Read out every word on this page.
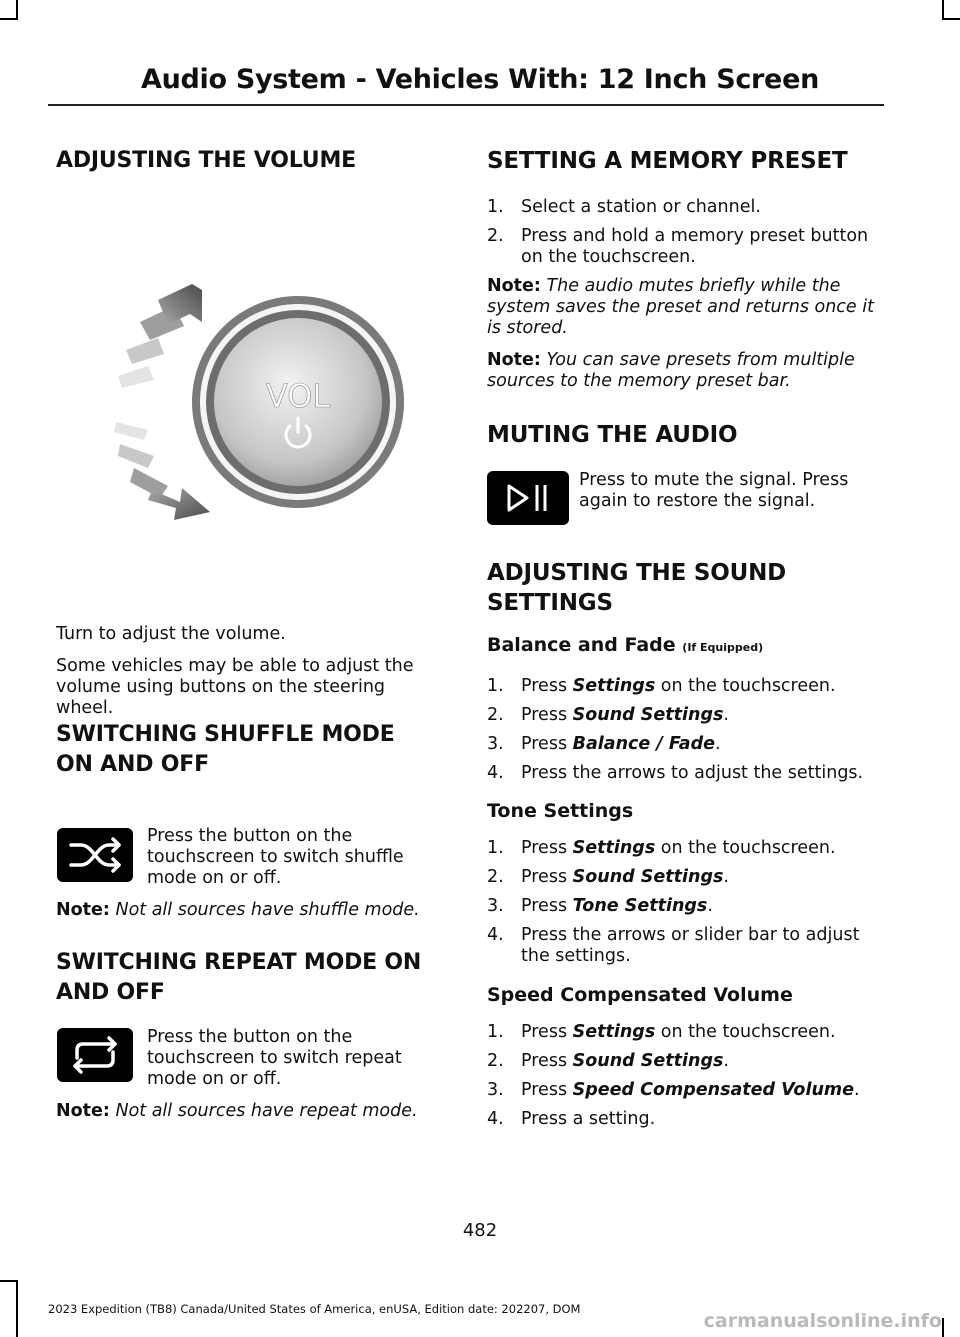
Audio System - Vehicles With: 12 Inch Screen
ADJUSTING THE VOLUME
VOL
Turn to adjust the volume.
Some vehicles may be able to adjust the
volume using buttons on the steering
wheel.
SWITCHING SHUFFLE MODE
ON AND OFF
Press the button on the
touchscreen to switch shuffle
mode on or off.
Note: Not all sources have shuffle mode.
SWITCHING REPEAT MODE ON
AND OFF
Press the button on the
touchscreen to switch repeat
mode on or off.
Note: Not all sources have repeat mode.
SETTING A MEMORY PRESET
1. Select a station or channel.
2. Press and hold a memory preset button
on the touchscreen.
Note: The audio mutes briefly while the
system saves the preset and returns once it
is stored.
Note: You can save presets from multiple
sources to the memory preset bar.
MUTING THE AUDIO
Press to mute the signal. Press
again to restore the signal.
ADJUSTING THE SOUND
SETTINGS
Balance and Fade (If Equipped)
1. Press Settings on the touchscreen.
2. Press Sound Settings.
3. Press Balance / Fade.
4. Press the arrows to adjust the settings.
Tone Settings
1. Press Settings on the touchscreen.
2. Press Sound Settings.
3. Press Tone Settings.
4. Press the arrows or slider bar to adjust
the settings.
Speed Compensated Volume
1. Press Settings on the touchscreen.
2. Press Sound Settings.
3. Press Speed Compensated Volume.
4. Press a setting.
482
2023 Expedition (TB8) Canada/United States of America, enUSA, Edition date: 202207, DOM
carmanualsonline.info
